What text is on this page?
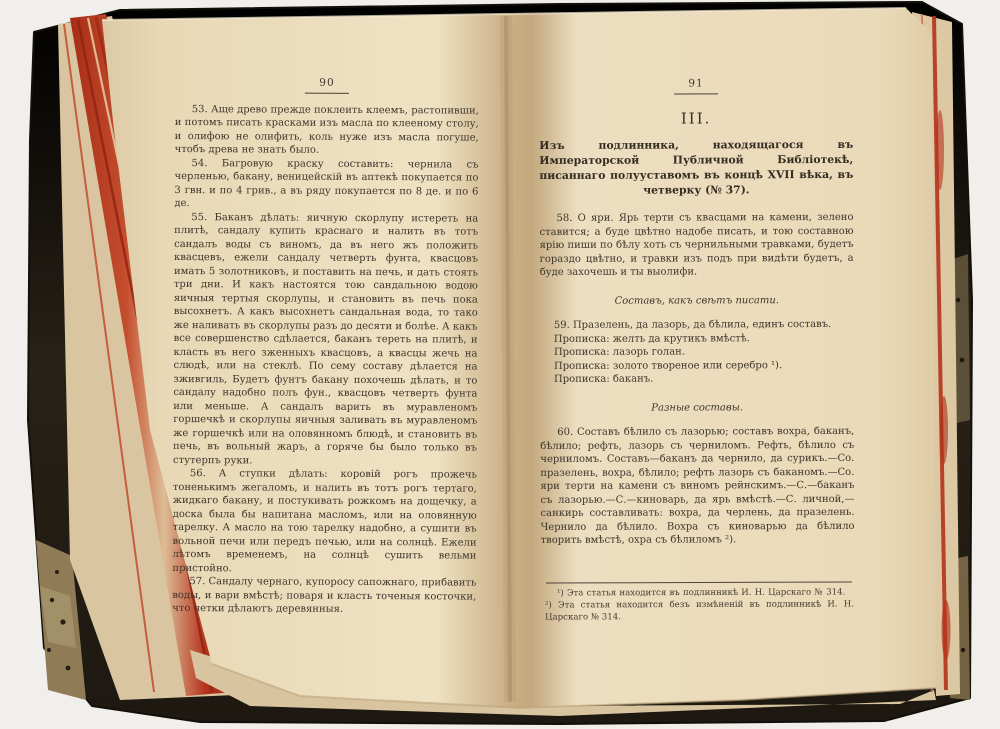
90

53. Аще древо прежде поклеить клеемъ, растопивши, и потомъ писать красками изъ масла по клееному столу, и олифою не олифить, коль нуже изъ масла погуше, чтобъ древа не знать было.

54. Багровую краску составить: чернила съ черленью, бакану, веницейскій въ аптекѣ покупается по 3 гвн. и по 4 грив., а въ ряду покупается по 8 де. и по 6 де.

55. Баканъ дѣлать: яичную скорлупу истереть на плитѣ, сандалу купить краснаго и налить въ тотъ сандалъ воды съ виномъ, да въ него жъ положить квасцевъ, ежели сандалу четверть фунта, квасцовъ имать 5 золотниковъ, и поставить на печь, и дать стоять три дни. И какъ настоятся тою сандальною водою яичныя тертыя скорлупы, и становить въ печь пока высохнетъ. А какъ высохнетъ сандальная вода, то тако же наливать въ скорлупы разъ до десяти и болѣе. А какъ все совершенство сдѣлается, баканъ тереть на плитѣ, и класть въ него зженныхъ квасцовъ, а квасцы жечь на слюдѣ, или на стеклѣ. По сему составу дѣлается на зживгиль, Будетъ фунтъ бакану похочешь дѣлать, и то сандалу надобно полъ фун., квасцовъ четверть фунта или меньше. А сандалъ варить въ муравленомъ горшечкѣ и скорлупы яичныя заливать въ муравленомъ же горшечкѣ или на оловянномъ блюдѣ, и становить въ печь, въ вольный жаръ, а горяче бы было только въ стутерпъ руки.

56. А ступки дѣлать: коровій рогъ прожечь тоненькимъ жегаломъ, и налить въ тотъ рогъ тертаго, жидкаго бакану, и постукивать рожкомъ на дощечку, а доска была бы напитана масломъ, или на оловянную тарелку. А масло на тою тарелку надобно, а сушити въ вольной печи или передъ печью, или на солнцѣ. Ежели лѣтомъ временемъ, на солнцѣ сушить вельми пристойно.

57. Сандалу чернаго, купоросу сапожнаго, прибавить воды, и вари вмѣстѣ; поваря и класть точеныя косточки, что четки дѣлаютъ деревянныя.

91
III.

Изъ подлинника, находящагося въ Императорской Публичной Библіотекѣ, писаннаго полууставомъ въ концѣ XVII вѣка, въ четверку (№ 37).

58. О яри. Ярь терти съ квасцами на камени, зелено ставится; а буде цвѣтно надобе писать, и тою составною ярію пиши по бѣлу хоть съ чернильными травками, будетъ гораздо цвѣтно, и травки изъ подъ при видѣти будетъ, а буде захочешь и ты выолифи.

Составъ, какъ свѣтъ писати.

59. Празелень, да лазорь, да бѣлила, единъ составъ.
Прописка: желть да крутикъ вмѣстѣ.
Прописка: лазорь голан.
Прописка: золото твореное или серебро ¹).
Прописка: баканъ.

Разные составы.

60. Составъ бѣлило съ лазорью; составъ вохра, баканъ, бѣлило; рефть, лазорь съ черниломъ. Рефть, бѣлило съ черниломъ. Составъ—баканъ да чернило, да сурикъ.—Со. празелень, вохра, бѣлило; рефть лазорь съ баканомъ.—Со. яри терти на камени съ виномъ рейнскимъ.—С.—баканъ съ лазорью.—С.—киноварь, да ярь вмѣстѣ.—С. личной,—санкирь составливать: вохра, да черлень, да празелень. Чернило да бѣлило. Вохра съ киноварью да бѣлило творить вмѣстѣ, охра съ бѣлиломъ ²).

¹) Эта статья находится въ подлинникѣ И. Н. Царскаго № 314. ²) Эта статья находится безъ измѣненій въ подлинникѣ И. Н. Царскаго № 314.
